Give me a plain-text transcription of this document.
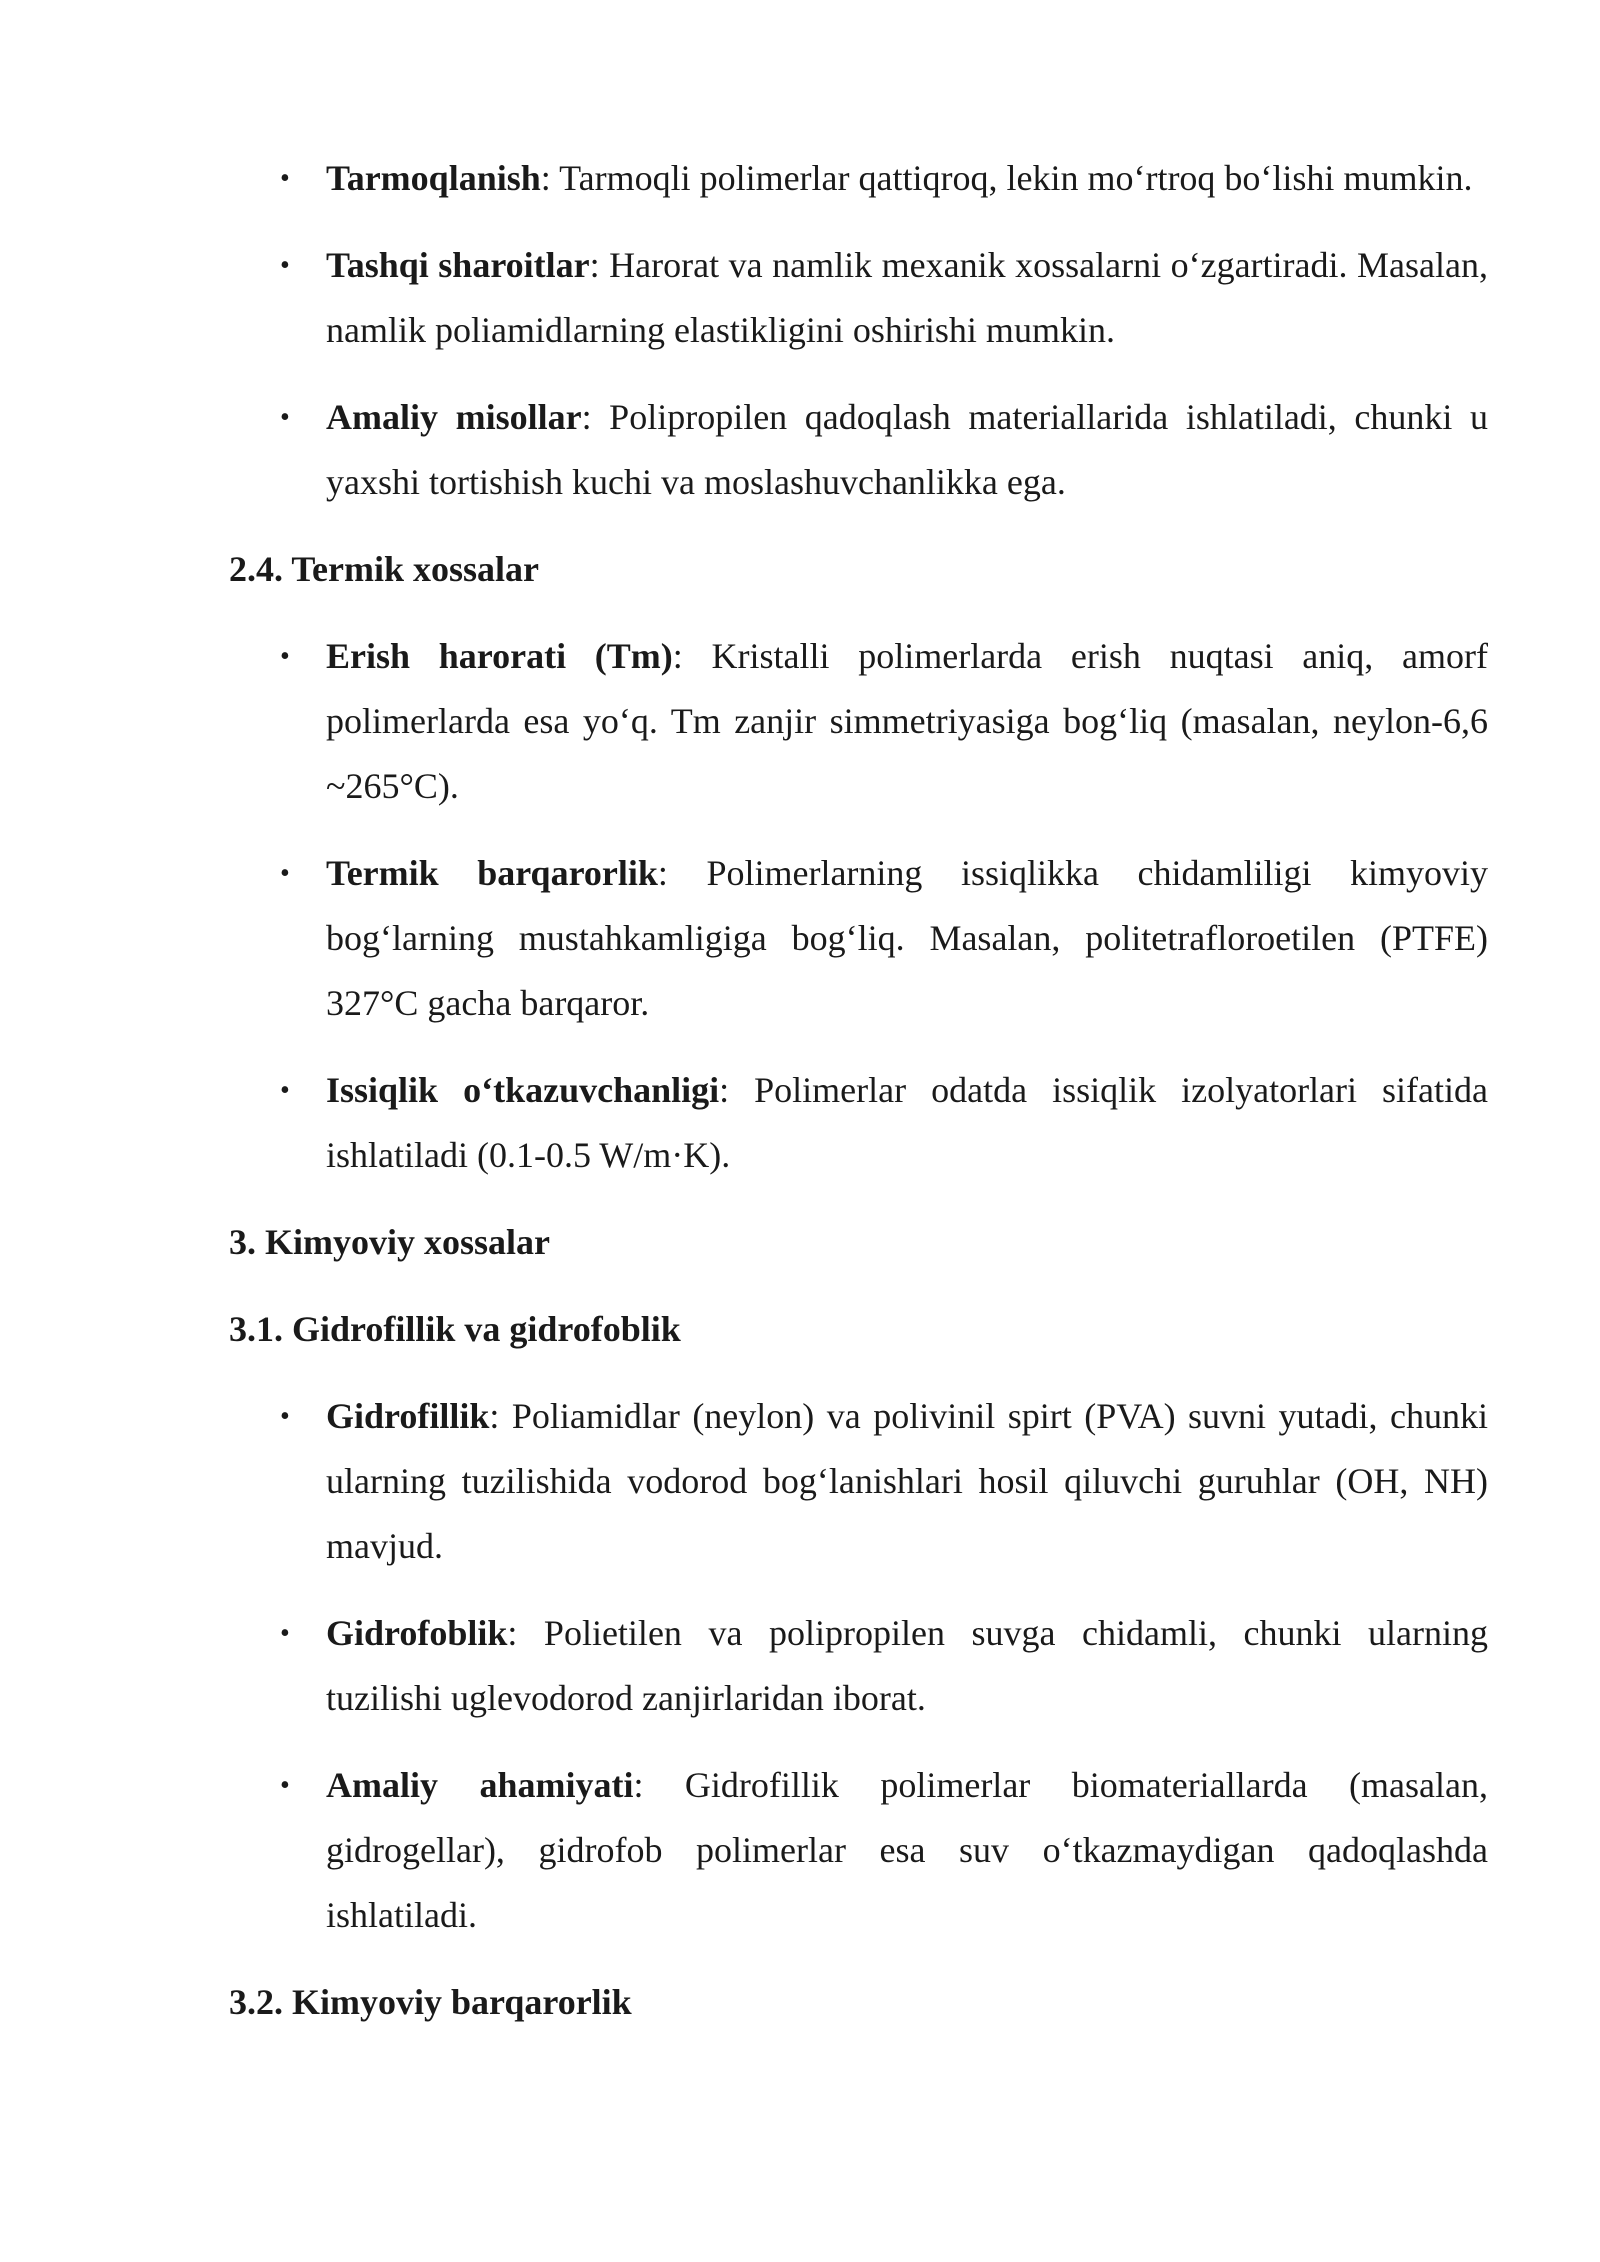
• Tarmoqlanish: Tarmoqli polimerlar qattiqroq, lekin mo‘rtroq bo‘lishi mumkin.
• Tashqi sharoitlar: Harorat va namlik mexanik xossalarni o‘zgartiradi. Masalan, namlik poliamidlarning elastikligini oshirishi mumkin.
• Amaliy misollar: Polipropilen qadoqlash materiallarida ishlatiladi, chunki u yaxshi tortishish kuchi va moslashuvchanlikka ega.
2.4. Termik xossalar
• Erish harorati (Tm): Kristalli polimerlarda erish nuqtasi aniq, amorf polimerlarda esa yo‘q. Tm zanjir simmetriyasiga bog‘liq (masalan, neylon-6,6 ~265°C).
• Termik barqarorlik: Polimerlarning issiqlikka chidamliligi kimyoviy bog‘larning mustahkamligiga bog‘liq. Masalan, politetrafloroetilen (PTFE) 327°C gacha barqaror.
• Issiqlik o‘tkazuvchanligi: Polimerlar odatda issiqlik izolyatorlari sifatida ishlatiladi (0.1-0.5 W/m·K).
3. Kimyoviy xossalar
3.1. Gidrofillik va gidrofoblik
• Gidrofillik: Poliamidlar (neylon) va polivinil spirt (PVA) suvni yutadi, chunki ularning tuzilishida vodorod bog‘lanishlari hosil qiluvchi guruhlar (OH, NH) mavjud.
• Gidrofoblik: Polietilen va polipropilen suvga chidamli, chunki ularning tuzilishi uglevodorod zanjirlaridan iborat.
• Amaliy ahamiyati: Gidrofillik polimerlar biomateriallarda (masalan, gidrogellar), gidrofob polimerlar esa suv o‘tkazmaydigan qadoqlashda ishlatiladi.
3.2. Kimyoviy barqarorlik
